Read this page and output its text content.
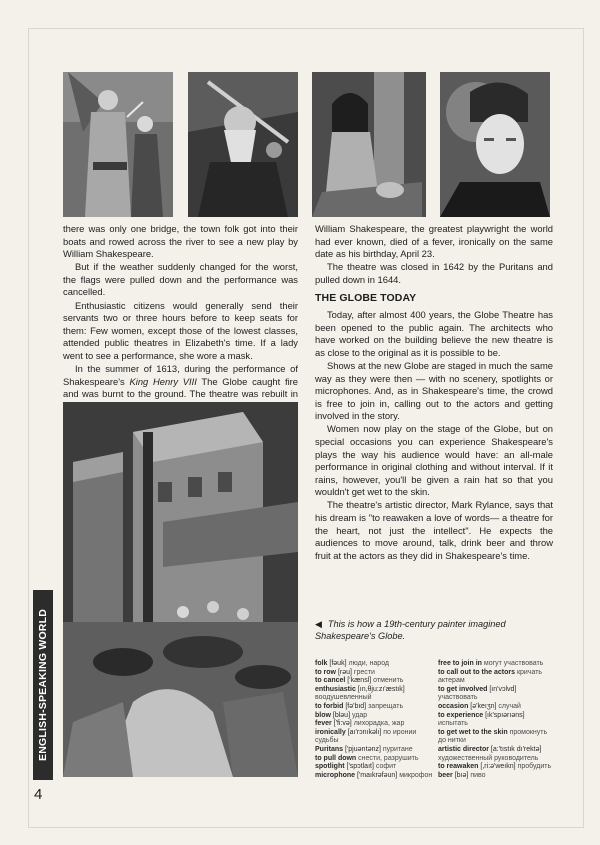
there was only one bridge, the town folk got into their boats and rowed across the river to see a new play by William Shakespeare.

But if the weather suddenly changed for the worst, the flags were pulled down and the performance was cancelled.

Enthusiastic citizens would generally send their servants two or three hours before to keep seats for them: Few women, except those of the lowest classes, attended public theatres in Elizabeth's time. If a lady went to see a performance, she wore a mask.

In the summer of 1613, during the performance of Shakespeare's King Henry VIII The Globe caught fire and was burnt to the ground. The theatre was rebuilt in

ENGLISH-SPEAKING WORLD
4

William Shakespeare, the greatest playwright the world had ever known, died of a fever, ironically on the same date as his birthday, April 23.

The theatre was closed in 1642 by the Puritans and pulled down in 1644.

THE GLOBE TODAY

Today, after almost 400 years, the Globe Theatre has been opened to the public again. The architects who have worked on the building believe the new theatre is as close to the original as it is possible to be.

Shows at the new Globe are staged in much the same way as they were then — with no scenery, spotlights or microphones. And, as in Shakespeare's time, the crowd is free to join in, calling out to the actors and getting involved in the story.

Women now play on the stage of the Globe, but on special occasions you can experience Shakespeare's plays the way his audience would have: an all-male performance in original clothing and without interval. If it rains, however, you'll be given a rain hat so that you wouldn't get wet to the skin.

The theatre's artistic director, Mark Rylance, says that his dream is "to reawaken a love of words— a theatre for the heart, not just the intellect". He expects the audiences to move around, talk, drink beer and throw fruit at the actors as they did in Shakespeare's time.

◀ This is how a 19th-century painter imagined Shakespeare's Globe.
folk [fəuk] люди, народ
to row [rəu] грести
to cancel ['kænsl] отменить
enthusiastic [ın,θju:zı'æstık] воодушевленный
to forbid [fə'bıd] запрещать
blow [bləu] удар
fever ['fi:və] лихорадка, жар
ironically [aı'rɔnıkəlı] по иронии судьбы
Puritans ['pjuərıtənz] пуритане
to pull down снести, разрушить
spotlight ['spɔtlaıt] софит
microphone ['maıkrəfəun] микрофон
free to join in могут участвовать
to call out to the actors кричать актерам
to get involved [ın'vɔlvd] участвовать
occasion [ə'keıʒn] случай
to experience [ık'spıərıəns] испытать
to get wet to the skin промокнуть до нитки
artistic director [a:'tıstık dı'rektə] художественный руководитель
to reawaken [,ri:ə'weıkn] пробудить
beer [bıə] пиво
